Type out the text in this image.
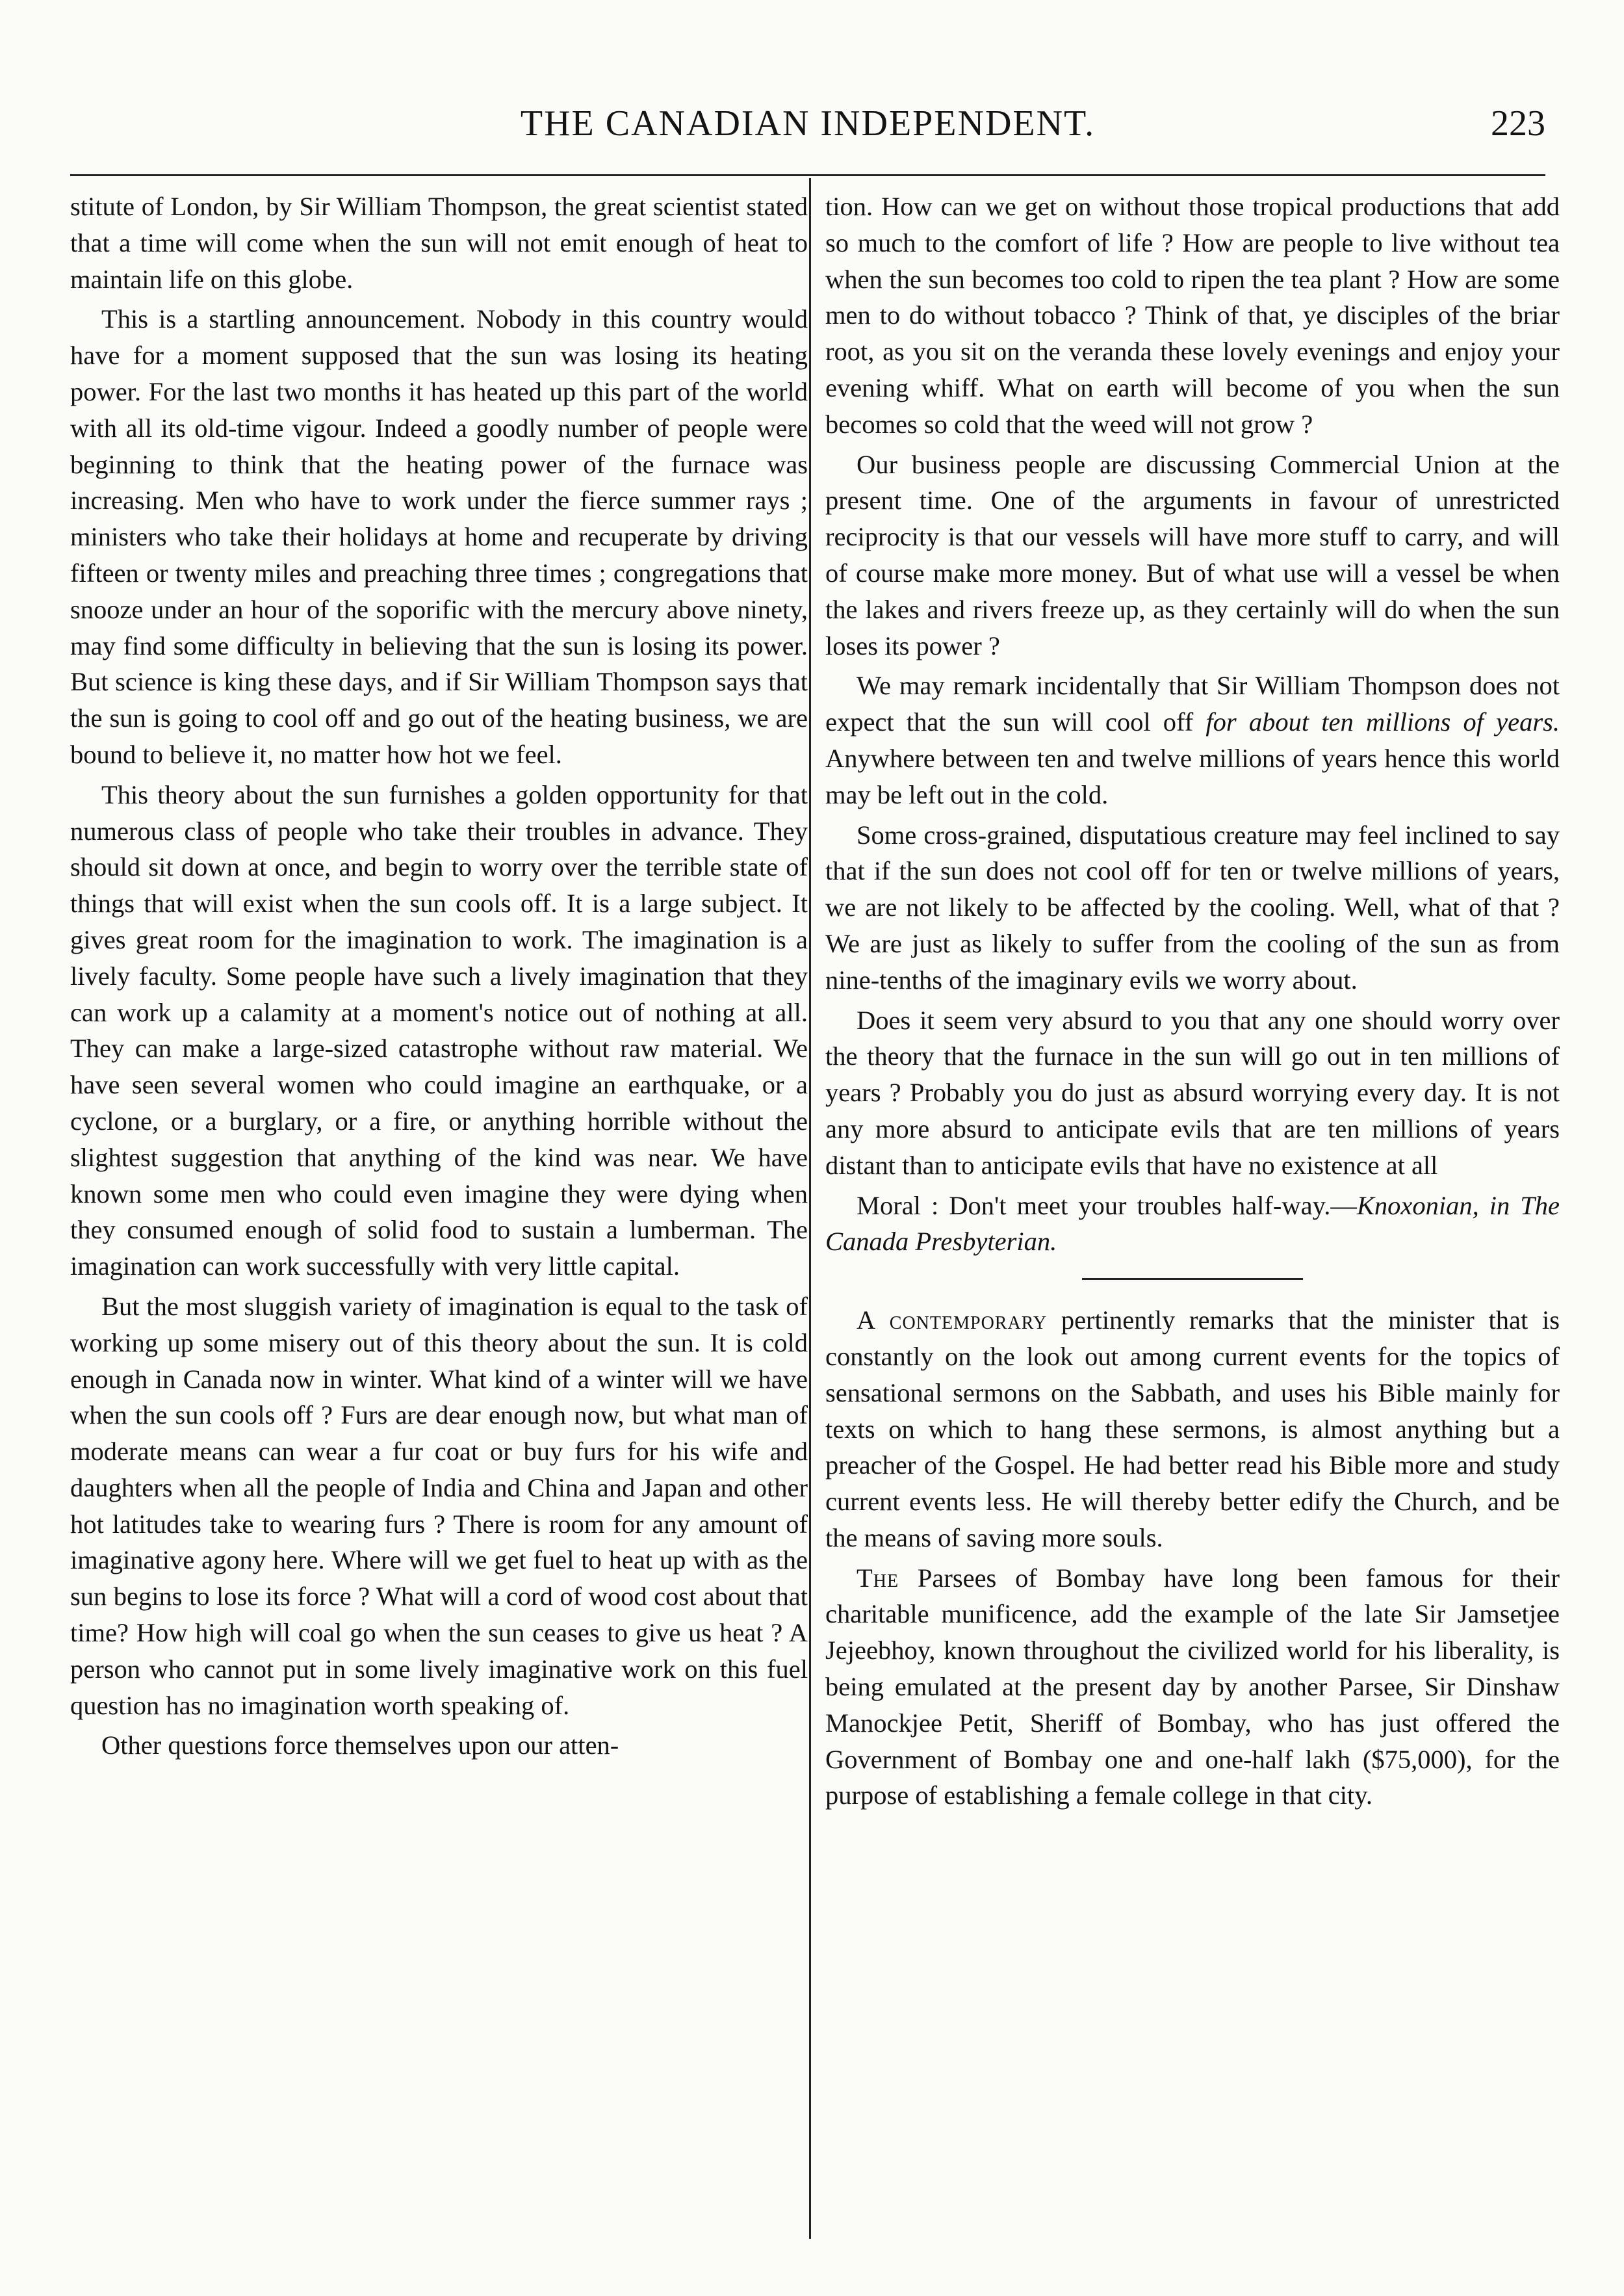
THE CANADIAN INDEPENDENT.	223

stitute of London, by Sir William Thompson, the great scientist stated that a time will come when the sun will not emit enough of heat to maintain life on this globe.

This is a startling announcement. Nobody in this country would have for a moment supposed that the sun was losing its heating power. For the last two months it has heated up this part of the world with all its old-time vigour. Indeed a goodly number of people were beginning to think that the heating power of the furnace was increasing. Men who have to work under the fierce summer rays ; ministers who take their holidays at home and recuperate by driving fifteen or twenty miles and preaching three times ; congregations that snooze under an hour of the soporific with the mercury above ninety, may find some difficulty in believing that the sun is losing its power. But science is king these days, and if Sir William Thompson says that the sun is going to cool off and go out of the heating business, we are bound to believe it, no matter how hot we feel.

This theory about the sun furnishes a golden opportunity for that numerous class of people who take their troubles in advance. They should sit down at once, and begin to worry over the terrible state of things that will exist when the sun cools off. It is a large subject. It gives great room for the imagination to work. The imagination is a lively faculty. Some people have such a lively imagination that they can work up a calamity at a moment's notice out of nothing at all. They can make a large-sized catastrophe without raw material. We have seen several women who could imagine an earthquake, or a cyclone, or a burglary, or a fire, or anything horrible without the slightest suggestion that anything of the kind was near. We have known some men who could even imagine they were dying when they consumed enough of solid food to sustain a lumberman. The imagination can work successfully with very little capital.

But the most sluggish variety of imagination is equal to the task of working up some misery out of this theory about the sun. It is cold enough in Canada now in winter. What kind of a winter will we have when the sun cools off ? Furs are dear enough now, but what man of moderate means can wear a fur coat or buy furs for his wife and daughters when all the people of India and China and Japan and other hot latitudes take to wearing furs ? There is room for any amount of imaginative agony here. Where will we get fuel to heat up with as the sun begins to lose its force ? What will a cord of wood cost about that time? How high will coal go when the sun ceases to give us heat ? A person who cannot put in some lively imaginative work on this fuel question has no imagination worth speaking of.

Other questions force themselves upon our atten-

tion. How can we get on without those tropical productions that add so much to the comfort of life ? How are people to live without tea when the sun becomes too cold to ripen the tea plant ? How are some men to do without tobacco ? Think of that, ye disciples of the briar root, as you sit on the veranda these lovely evenings and enjoy your evening whiff. What on earth will become of you when the sun becomes so cold that the weed will not grow ?

Our business people are discussing Commercial Union at the present time. One of the arguments in favour of unrestricted reciprocity is that our vessels will have more stuff to carry, and will of course make more money. But of what use will a vessel be when the lakes and rivers freeze up, as they certainly will do when the sun loses its power ?

We may remark incidentally that Sir William Thompson does not expect that the sun will cool off for about ten millions of years. Anywhere between ten and twelve millions of years hence this world may be left out in the cold.

Some cross-grained, disputatious creature may feel inclined to say that if the sun does not cool off for ten or twelve millions of years, we are not likely to be affected by the cooling. Well, what of that ? We are just as likely to suffer from the cooling of the sun as from nine-tenths of the imaginary evils we worry about.

Does it seem very absurd to you that any one should worry over the theory that the furnace in the sun will go out in ten millions of years ? Probably you do just as absurd worrying every day. It is not any more absurd to anticipate evils that are ten millions of years distant than to anticipate evils that have no existence at all

Moral : Don't meet your troubles half-way.—Knoxonian, in The Canada Presbyterian.

A contemporary pertinently remarks that the minister that is constantly on the look out among current events for the topics of sensational sermons on the Sabbath, and uses his Bible mainly for texts on which to hang these sermons, is almost anything but a preacher of the Gospel. He had better read his Bible more and study current events less. He will thereby better edify the Church, and be the means of saving more souls.

The Parsees of Bombay have long been famous for their charitable munificence, add the example of the late Sir Jamsetjee Jejeebhoy, known throughout the civilized world for his liberality, is being emulated at the present day by another Parsee, Sir Dinshaw Manockjee Petit, Sheriff of Bombay, who has just offered the Government of Bombay one and one-half lakh ($75,000), for the purpose of establishing a female college in that city.
